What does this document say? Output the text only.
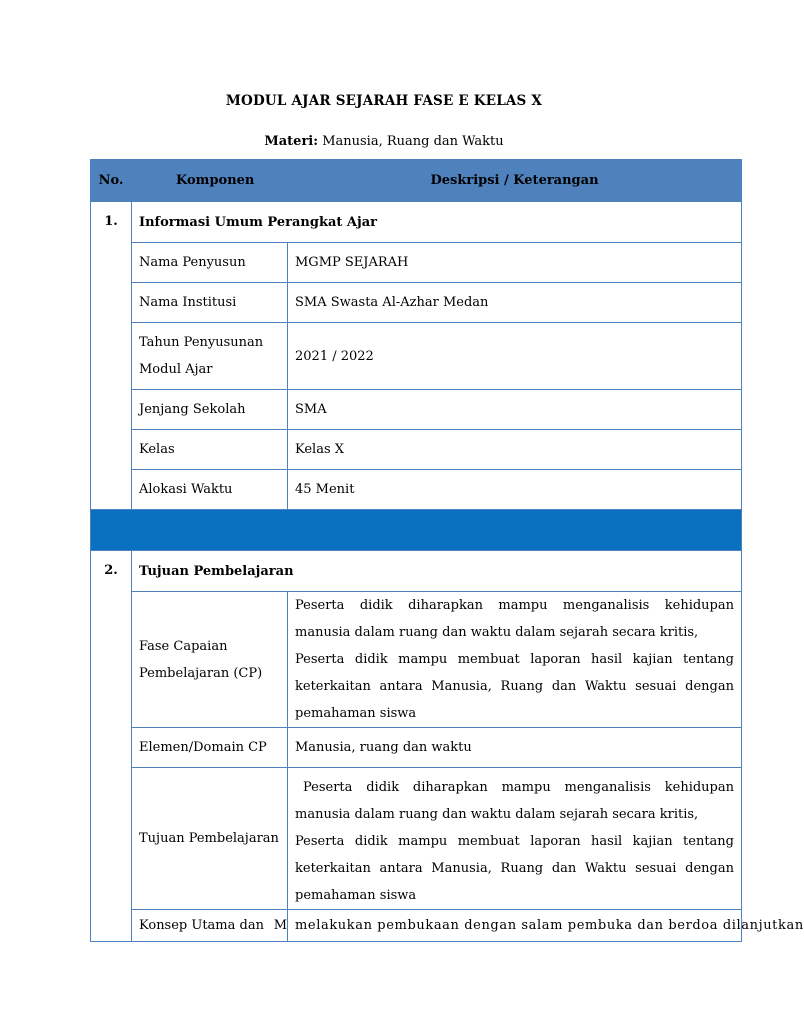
MODUL AJAR SEJARAH FASE E KELAS X
Materi: Manusia, Ruang dan Waktu
No.	Komponen	Deskripsi / Keterangan
1.	Informasi Umum Perangkat Ajar	
	Nama Penyusun	MGMP SEJARAH
	Nama Institusi	SMA Swasta Al-Azhar Medan
	Tahun Penyusunan Modul Ajar	2021 / 2022
	Jenjang Sekolah	SMA
	Kelas	Kelas X
	Alokasi Waktu	45 Menit

2.	Tujuan Pembelajaran	
	Fase Capaian Pembelajaran (CP)	Peserta didik diharapkan mampu menganalisis kehidupan manusia dalam ruang dan waktu dalam sejarah secara kritis,
Peserta didik mampu membuat laporan hasil kajian tentang keterkaitan antara Manusia, Ruang dan Waktu sesuai dengan pemahaman siswa

	Elemen/Domain CP	Manusia, ruang dan waktu
	Tujuan Pembelajaran	Peserta didik diharapkan mampu menganalisis kehidupan manusia dalam ruang dan waktu dalam sejarah secara kritis,
Peserta didik mampu membuat laporan hasil kajian tentang keterkaitan antara Manusia, Ruang dan Waktu sesuai dengan pemahaman siswa

	Konsep Utama dan M	melakukan pembukaan dengan salam pembuka dan berdoa dilanjutkan
